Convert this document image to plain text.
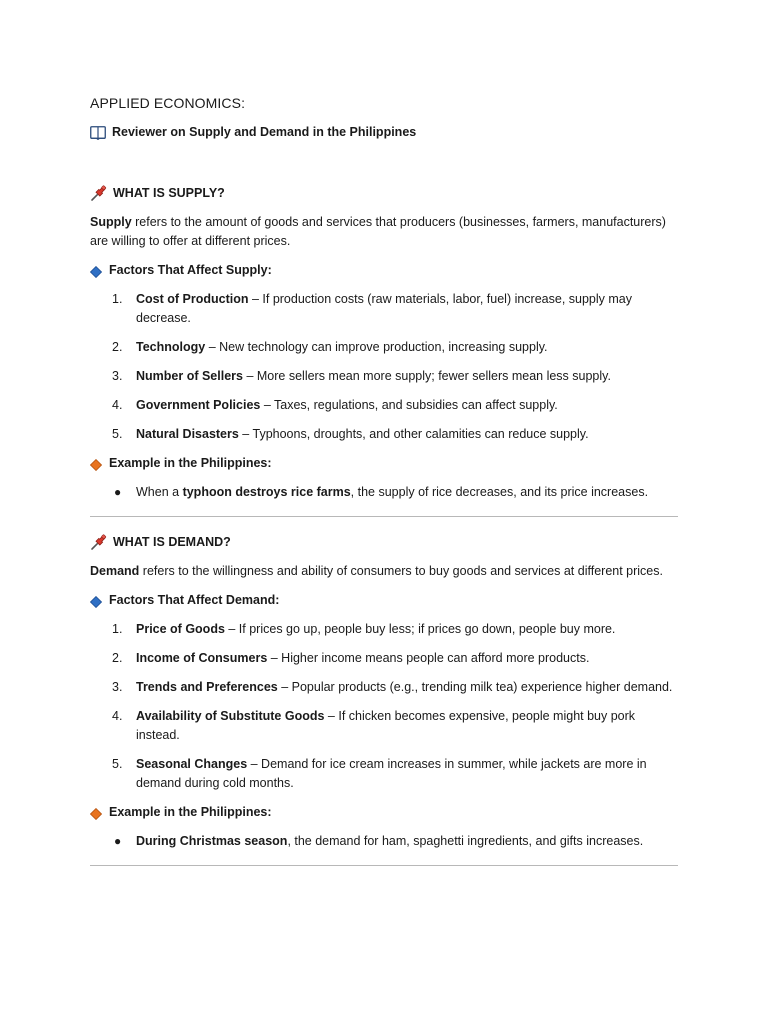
APPLIED ECONOMICS:
Reviewer on Supply and Demand in the Philippines
WHAT IS SUPPLY?

Supply refers to the amount of goods and services that producers (businesses, farmers, manufacturers) are willing to offer at different prices.

Factors That Affect Supply:
1. Cost of Production – If production costs (raw materials, labor, fuel) increase, supply may decrease.
2. Technology – New technology can improve production, increasing supply.
3. Number of Sellers – More sellers mean more supply; fewer sellers mean less supply.
4. Government Policies – Taxes, regulations, and subsidies can affect supply.
5. Natural Disasters – Typhoons, droughts, and other calamities can reduce supply.
Example in the Philippines:
● When a typhoon destroys rice farms, the supply of rice decreases, and its price increases.
WHAT IS DEMAND?

Demand refers to the willingness and ability of consumers to buy goods and services at different prices.

Factors That Affect Demand:
1. Price of Goods – If prices go up, people buy less; if prices go down, people buy more.
2. Income of Consumers – Higher income means people can afford more products.
3. Trends and Preferences – Popular products (e.g., trending milk tea) experience higher demand.
4. Availability of Substitute Goods – If chicken becomes expensive, people might buy pork instead.
5. Seasonal Changes – Demand for ice cream increases in summer, while jackets are more in demand during cold months.
Example in the Philippines:
● During Christmas season, the demand for ham, spaghetti ingredients, and gifts increases.
